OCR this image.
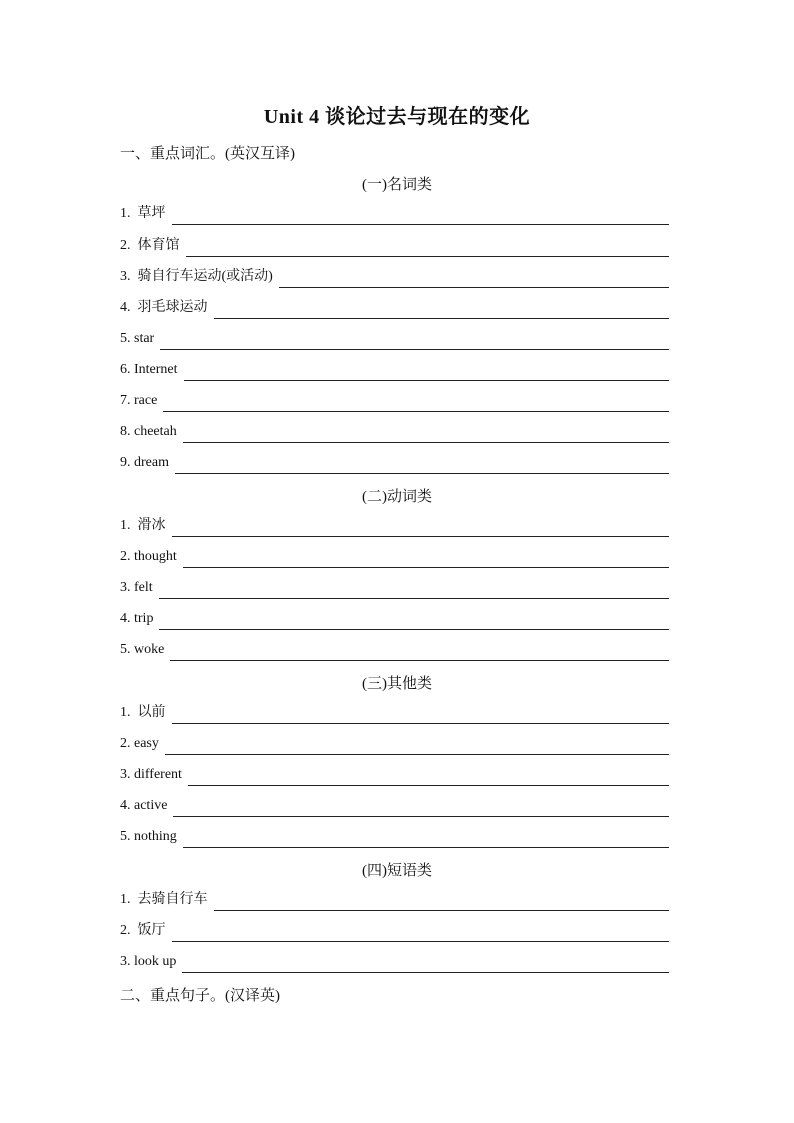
Unit 4 谈论过去与现在的变化
一、重点词汇。(英汉互译)
(一)名词类
1.  草坪
2.  体育馆
3.  骑自行车运动(或活动)
4.  羽毛球运动
5. star
6. Internet
7. race
8. cheetah
9. dream
(二)动词类
1.  滑冰
2. thought
3. felt
4. trip
5. woke
(三)其他类
1.  以前
2. easy
3. different
4. active
5. nothing
(四)短语类
1.  去骑自行车
2.  饭厅
3. look up
二、重点句子。(汉译英)
